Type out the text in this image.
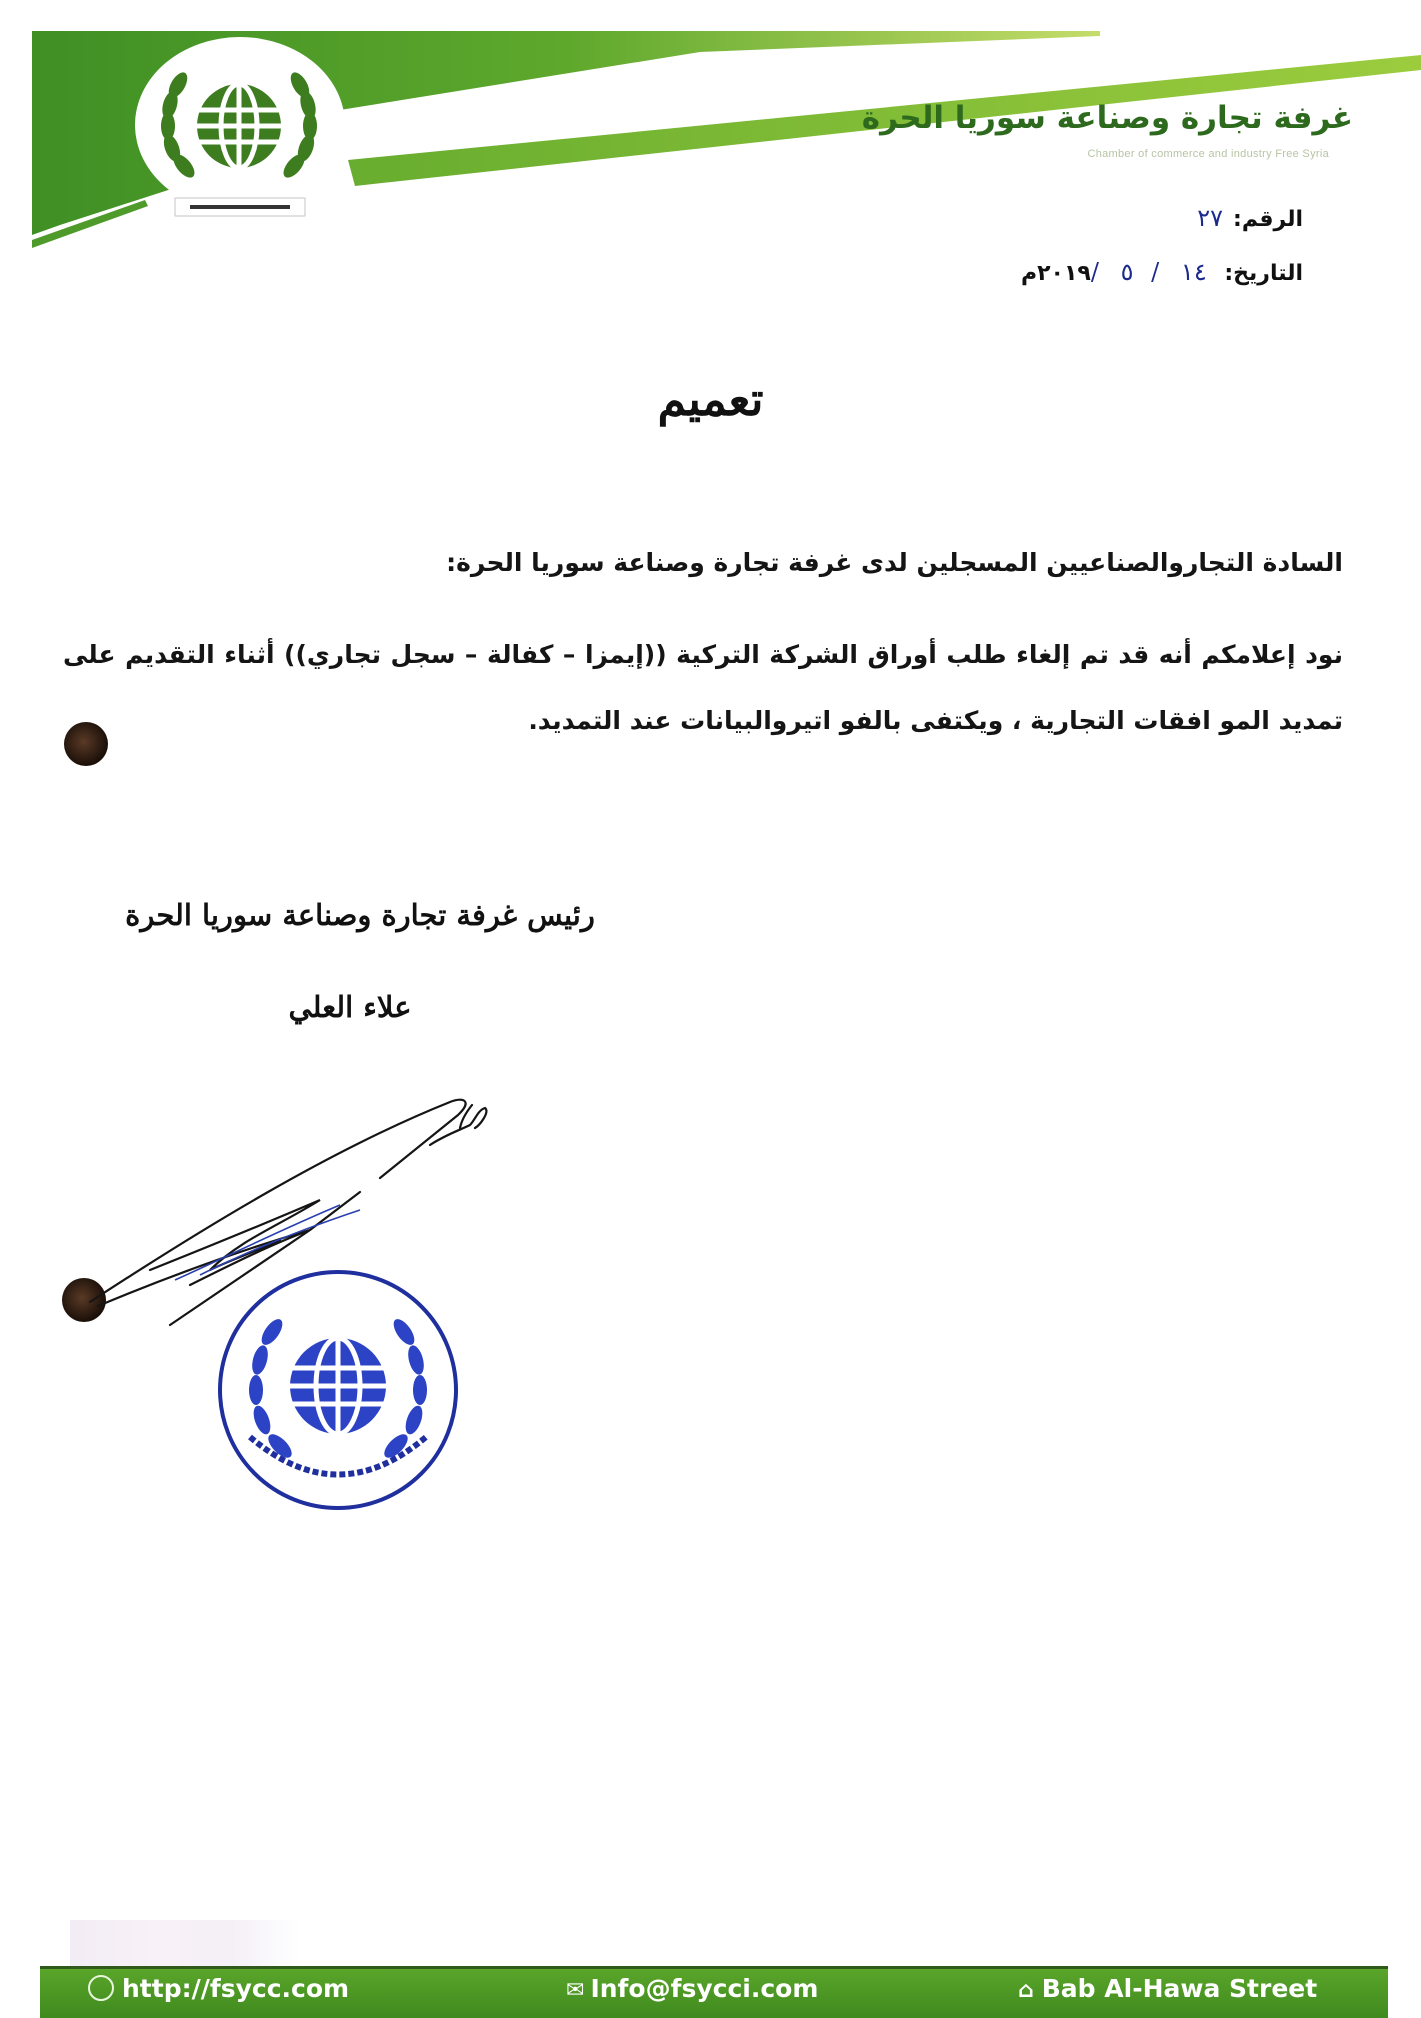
غرفة تجارة وصناعة سوريا الحرة
Chamber of commerce and industry Free Syria
الرقم:٢٧
التاريخ: ١٤ / ٥ /٢٠١٩م
تعميم
السادة التجاروالصناعيين المسجلين لدى غرفة تجارة وصناعة سوريا الحرة:
نود إعلامكم أنه قد تم إلغاء طلب أوراق الشركة التركية ((إيمزا – كفالة – سجل تجاري)) أثناء التقديم على تمديد المو افقات التجارية ، ويكتفى بالفو اتيروالبيانات عند التمديد.
رئيس غرفة تجارة وصناعة سوريا الحرة
علاء العلي
http://fsycc.com	✉ Info@fsycci.com	⌂ Bab Al-Hawa Street
